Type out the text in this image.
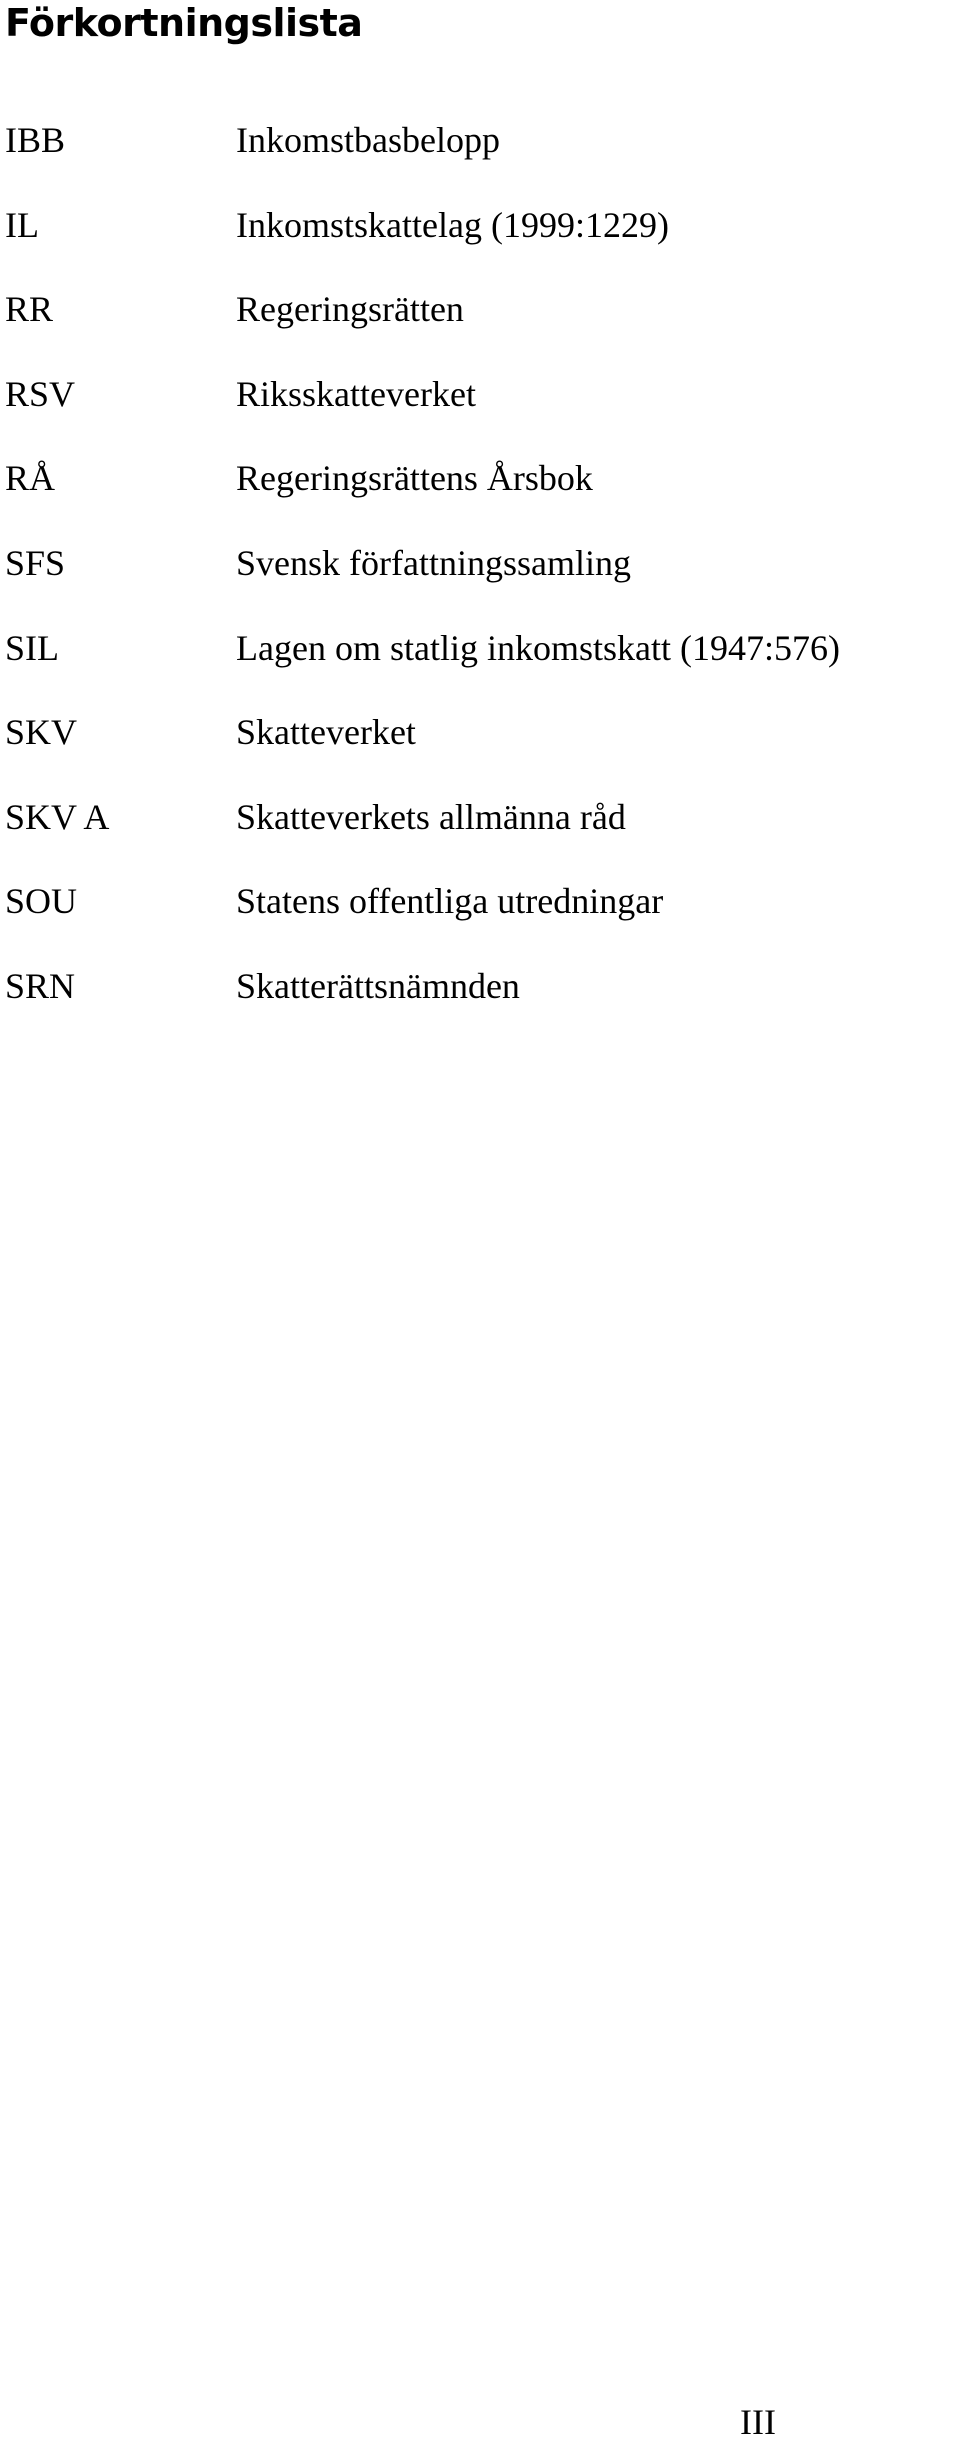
Förkortningslista
IBB	Inkomstbasbelopp
IL	Inkomstskattelag (1999:1229)
RR	Regeringsrätten
RSV	Riksskatteverket
RÅ	Regeringsrättens Årsbok
SFS	Svensk författningssamling
SIL	Lagen om statlig inkomstskatt (1947:576)
SKV	Skatteverket
SKV A	Skatteverkets allmänna råd
SOU	Statens offentliga utredningar
SRN	Skatterättsnämnden
III
